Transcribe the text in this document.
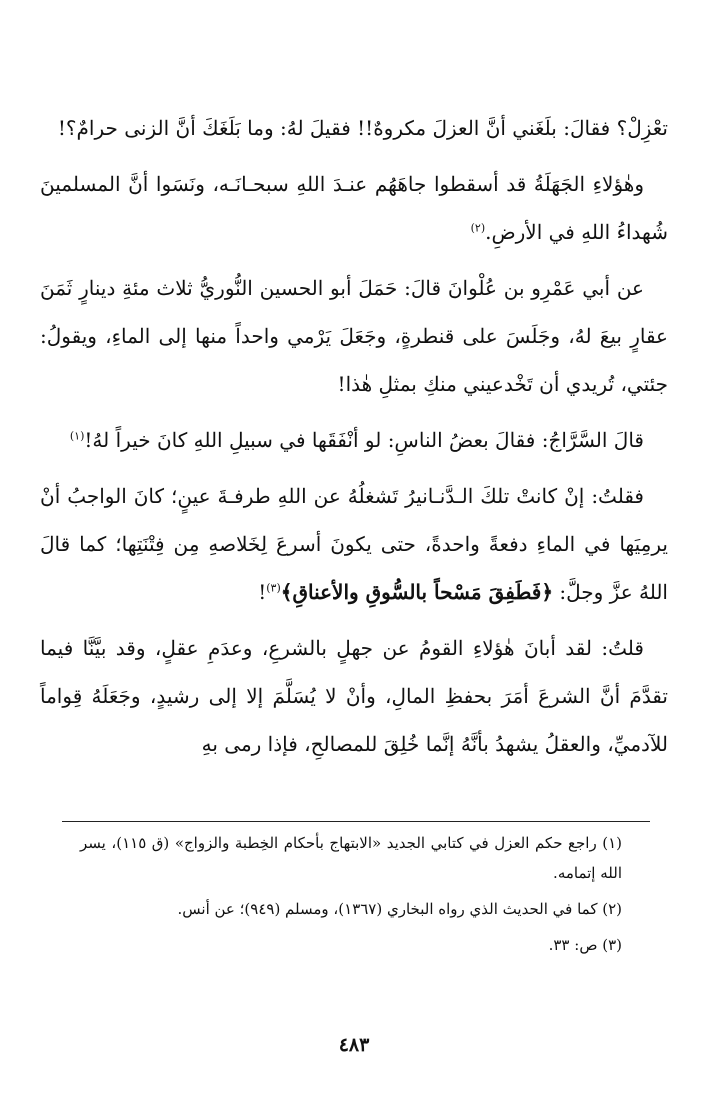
تعْزِلْ؟ فقالَ: بلَغَني أنَّ العزلَ مكروهٌ!! فقيلَ لهُ: وما بَلَغَكَ أنَّ الزنى حرامٌ؟!

وهٰؤلاءِ الجَهَلَةُ قد أسقطوا جاهَهُم عنـدَ اللهِ سبحـانَـه، ونَسَوا أنَّ المسلمينَ شُهداءُ اللهِ في الأرضِ.$^{(٢)}$

عن أبي عَمْرِو بن عُلْوانَ قالَ: حَمَلَ أبو الحسين النُّوريُّ ثلاث مئةِ دينارٍ ثَمَنَ عقارٍ بيعَ لهُ، وجَلَسَ على قنطرةٍ، وجَعَلَ يَرْمي واحداً منها إلى الماءِ، ويقولُ: جئتي، تُريدي أن تَخْدعيني منكِ بمثلِ هٰذا!

قالَ السَّرَّاجُ: فقالَ بعضُ الناسِ: لو أنْفَقَها في سبيلِ اللهِ كانَ خيراً لهُ!$^{(١)}$

فقلتُ: إنْ كانتْ تلكَ الـدَّنـانيرُ تَشغلُهُ عن اللهِ طرفـةَ عينٍ؛ كانَ الواجبُ أنْ يرمِيَها في الماءِ دفعةً واحدةً، حتى يكونَ أسرعَ لِخَلاصهِ مِن فِتْنَتِها؛ كما قالَ اللهُ عزَّ وجلَّ: ﴿فَطَفِقَ مَسْحاً بالسُّوقِ والأعناقِ﴾$^{(٣)}$!

قلتُ: لقد أبانَ هٰؤلاءِ القومُ عن جهلٍ بالشرعِ، وعدَمِ عقلٍ، وقد بيَّنَّا فيما تقدَّمَ أنَّ الشرعَ أمَرَ بحفظِ المالِ، وأنْ لا يُسَلَّمَ إلا إلى رشيدٍ، وجَعَلَهُ قِواماً للآدميِّ، والعقلُ يشهدُ بأنَّهُ إنَّما خُلِقَ للمصالحِ، فإذا رمى بهِ

(١) راجع حكم العزل في كتابي الجديد «الابتهاج بأحكام الخِطبة والزواج» (ق ١١٥)، يسر الله إتمامه.

(٢) كما في الحديث الذي رواه البخاري (١٣٦٧)، ومسلم (٩٤٩)؛ عن أنس.

(٣) ص: ٣٣.

٤٨٣
